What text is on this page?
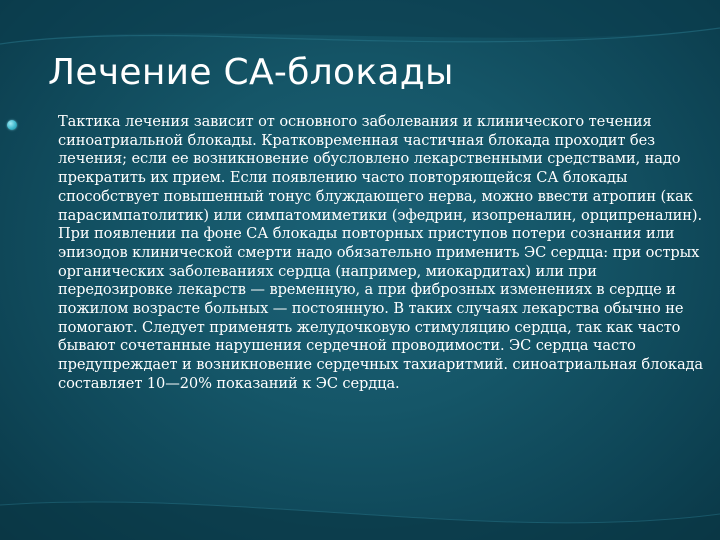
Лечение СА-блокады

Тактика лечения зависит от основного заболевания и клинического течения синоатриальной блокады. Кратковременная частичная блокада проходит без лечения; если ее возникновение обусловлено лекарственными средствами, надо прекратить их прием. Если появлению часто повторяющейся СА блокады способствует повышенный тонус блуждающего нерва, можно ввести атропин (как парасимпатолитик) или симпатомиметики (эфедрин, изопреналин, орципреналин). При появлении па фоне СА блокады повторных приступов потери сознания или эпизодов клинической смерти надо обязательно применить ЭС сердца: при острых органических заболеваниях сердца (например, миокардитах) или при передозировке лекарств — временную, а при фиброзных изменениях в сердце и пожилом возрасте больных — постоянную. В таких случаях лекарства обычно не помогают. Следует применять желудочковую стимуляцию сердца, так как часто бывают сочетанные нарушения сердечной проводимости. ЭС сердца часто предупреждает и возникновение сердечных тахиаритмий. синоатриальная блокада составляет 10—20% показаний к ЭС сердца.
